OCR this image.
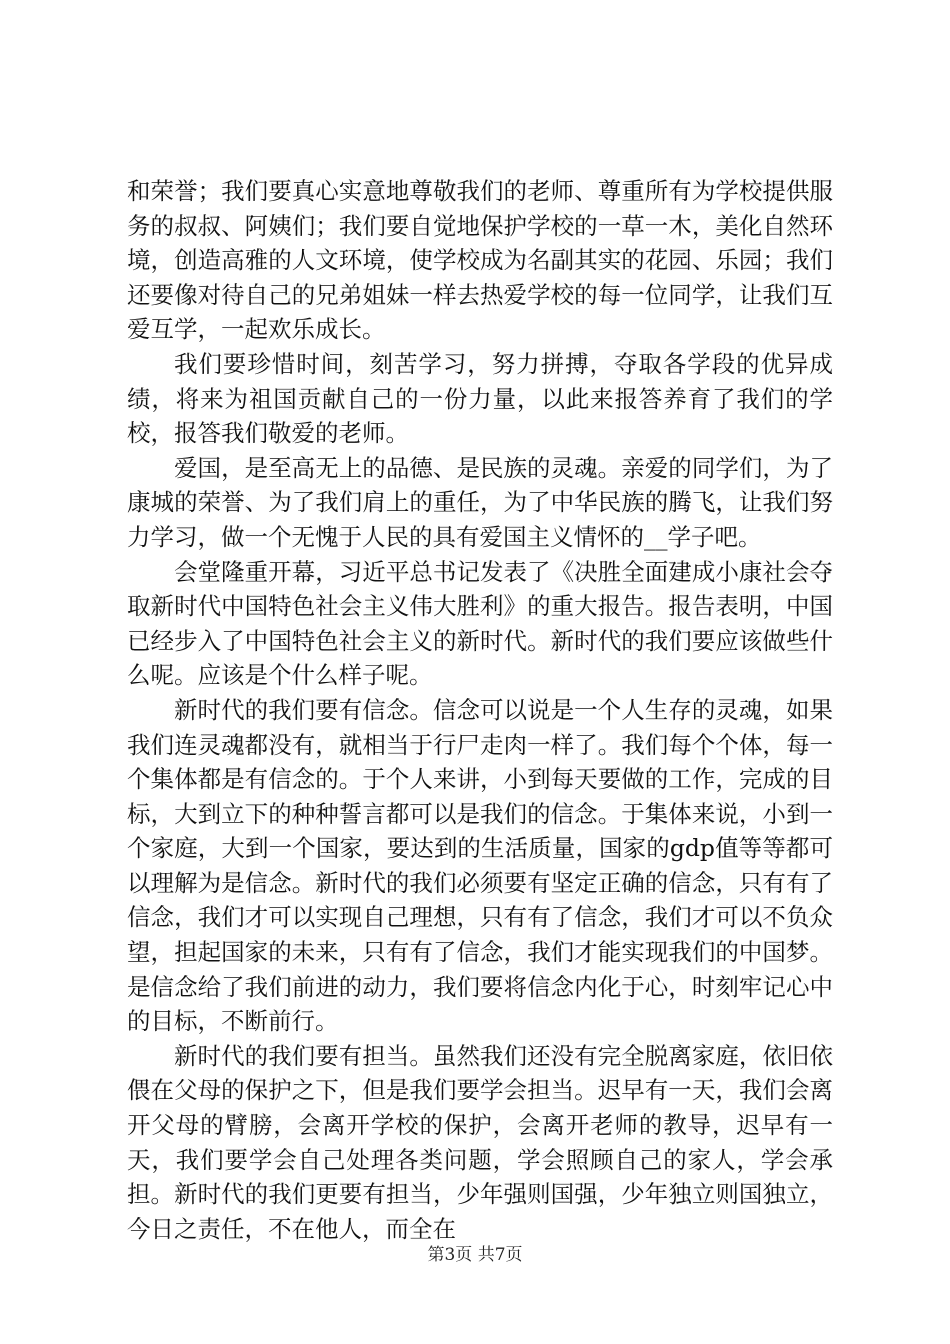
和荣誉；我们要真心实意地尊敬我们的老师、尊重所有为学校提供服务的叔叔、阿姨们；我们要自觉地保护学校的一草一木，美化自然环境，创造高雅的人文环境，使学校成为名副其实的花园、乐园；我们还要像对待自己的兄弟姐妹一样去热爱学校的每一位同学，让我们互爱互学，一起欢乐成长。

我们要珍惜时间，刻苦学习，努力拼搏，夺取各学段的优异成绩，将来为祖国贡献自己的一份力量，以此来报答养育了我们的学校，报答我们敬爱的老师。

爱国，是至高无上的品德、是民族的灵魂。亲爱的同学们，为了康城的荣誉、为了我们肩上的重任，为了中华民族的腾飞，让我们努力学习，做一个无愧于人民的具有爱国主义情怀的__学子吧。

会堂隆重开幕，习近平总书记发表了《决胜全面建成小康社会夺取新时代中国特色社会主义伟大胜利》的重大报告。报告表明，中国已经步入了中国特色社会主义的新时代。新时代的我们要应该做些什么呢。应该是个什么样子呢。

新时代的我们要有信念。信念可以说是一个人生存的灵魂，如果我们连灵魂都没有，就相当于行尸走肉一样了。我们每个个体，每一个集体都是有信念的。于个人来讲，小到每天要做的工作，完成的目标，大到立下的种种誓言都可以是我们的信念。于集体来说，小到一个家庭，大到一个国家，要达到的生活质量，国家的gdp值等等都可以理解为是信念。新时代的我们必须要有坚定正确的信念，只有有了信念，我们才可以实现自己理想，只有有了信念，我们才可以不负众望，担起国家的未来，只有有了信念，我们才能实现我们的中国梦。是信念给了我们前进的动力，我们要将信念内化于心，时刻牢记心中的目标，不断前行。

新时代的我们要有担当。虽然我们还没有完全脱离家庭，依旧依偎在父母的保护之下，但是我们要学会担当。迟早有一天，我们会离开父母的臂膀，会离开学校的保护，会离开老师的教导，迟早有一天，我们要学会自己处理各类问题，学会照顾自己的家人，学会承担。新时代的我们更要有担当，少年强则国强，少年独立则国独立，今日之责任，不在他人，而全在

第3页 共7页
